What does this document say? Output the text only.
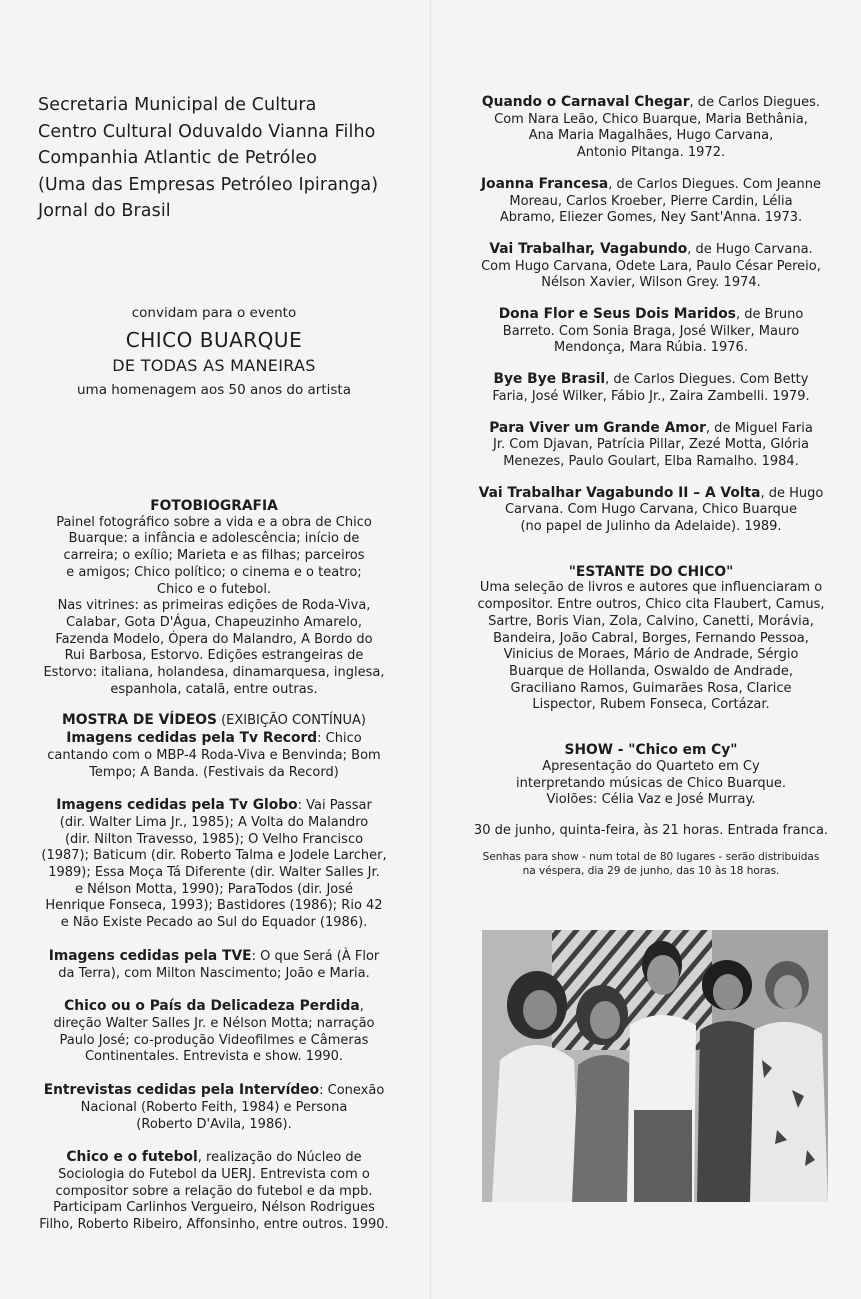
Secretaria Municipal de Cultura
Centro Cultural Oduvaldo Vianna Filho
Companhia Atlantic de Petróleo
(Uma das Empresas Petróleo Ipiranga)
Jornal do Brasil
convidam para o evento
CHICO BUARQUE
DE TODAS AS MANEIRAS
uma homenagem aos 50 anos do artista
FOTOBIOGRAFIA
Painel fotográfico sobre a vida e a obra de Chico
Buarque: a infância e adolescência; início de
carreira; o exílio; Marieta e as filhas; parceiros
e amigos; Chico político; o cinema e o teatro;
Chico e o futebol.
Nas vitrines: as primeiras edições de Roda-Viva,
Calabar, Gota D'Água, Chapeuzinho Amarelo,
Fazenda Modelo, Ópera do Malandro, A Bordo do
Rui Barbosa, Estorvo. Edições estrangeiras de
Estorvo: italiana, holandesa, dinamarquesa, inglesa,
espanhola, catalã, entre outras.
MOSTRA DE VÍDEOS (EXIBIÇÃO CONTÍNUA)
Imagens cedidas pela Tv Record: Chico
cantando com o MBP-4 Roda-Viva e Benvinda; Bom
Tempo; A Banda. (Festivais da Record)
Imagens cedidas pela Tv Globo: Vai Passar
(dir. Walter Lima Jr., 1985); A Volta do Malandro
(dir. Nilton Travesso, 1985); O Velho Francisco
(1987); Baticum (dir. Roberto Talma e Jodele Larcher,
1989); Essa Moça Tá Diferente (dir. Walter Salles Jr.
e Nélson Motta, 1990); ParaTodos (dir. José
Henrique Fonseca, 1993); Bastidores (1986); Rio 42
e Não Existe Pecado ao Sul do Equador (1986).
Imagens cedidas pela TVE: O que Será (À Flor
da Terra), com Milton Nascimento; João e Maria.
Chico ou o País da Delicadeza Perdida,
direção Walter Salles Jr. e Nélson Motta; narração
Paulo José; co-produção Videofilmes e Câmeras
Continentales. Entrevista e show. 1990.
Entrevistas cedidas pela Intervídeo: Conexão
Nacional (Roberto Feith, 1984) e Persona
(Roberto D'Avila, 1986).
Chico e o futebol, realização do Núcleo de
Sociologia do Futebol da UERJ. Entrevista com o
compositor sobre a relação do futebol e da mpb.
Participam Carlinhos Vergueiro, Nélson Rodrigues
Filho, Roberto Ribeiro, Affonsinho, entre outros. 1990.
Quando o Carnaval Chegar, de Carlos Diegues.
Com Nara Leão, Chico Buarque, Maria Bethânia,
Ana Maria Magalhães, Hugo Carvana,
Antonio Pitanga. 1972.
Joanna Francesa, de Carlos Diegues. Com Jeanne
Moreau, Carlos Kroeber, Pierre Cardin, Lélia
Abramo, Eliezer Gomes, Ney Sant'Anna. 1973.
Vai Trabalhar, Vagabundo, de Hugo Carvana.
Com Hugo Carvana, Odete Lara, Paulo César Pereio,
Nélson Xavier, Wilson Grey. 1974.
Dona Flor e Seus Dois Maridos, de Bruno
Barreto. Com Sonia Braga, José Wilker, Mauro
Mendonça, Mara Rúbia. 1976.
Bye Bye Brasil, de Carlos Diegues. Com Betty
Faria, José Wilker, Fábio Jr., Zaira Zambelli. 1979.
Para Viver um Grande Amor, de Miguel Faria
Jr. Com Djavan, Patrícia Pillar, Zezé Motta, Glória
Menezes, Paulo Goulart, Elba Ramalho. 1984.
Vai Trabalhar Vagabundo II – A Volta, de Hugo
Carvana. Com Hugo Carvana, Chico Buarque
(no papel de Julinho da Adelaide). 1989.
"ESTANTE DO CHICO"
Uma seleção de livros e autores que influenciaram o
compositor. Entre outros, Chico cita Flaubert, Camus,
Sartre, Boris Vian, Zola, Calvino, Canetti, Morávia,
Bandeira, João Cabral, Borges, Fernando Pessoa,
Vinicius de Moraes, Mário de Andrade, Sérgio
Buarque de Hollanda, Oswaldo de Andrade,
Graciliano Ramos, Guimarães Rosa, Clarice
Lispector, Rubem Fonseca, Cortázar.
SHOW - "Chico em Cy"
Apresentação do Quarteto em Cy
interpretando músicas de Chico Buarque.
Violões: Célia Vaz e José Murray.
30 de junho, quinta-feira, às 21 horas. Entrada franca.
Senhas para show - num total de 80 lugares - serão distribuidas
na véspera, dia 29 de junho, das 10 às 18 horas.
